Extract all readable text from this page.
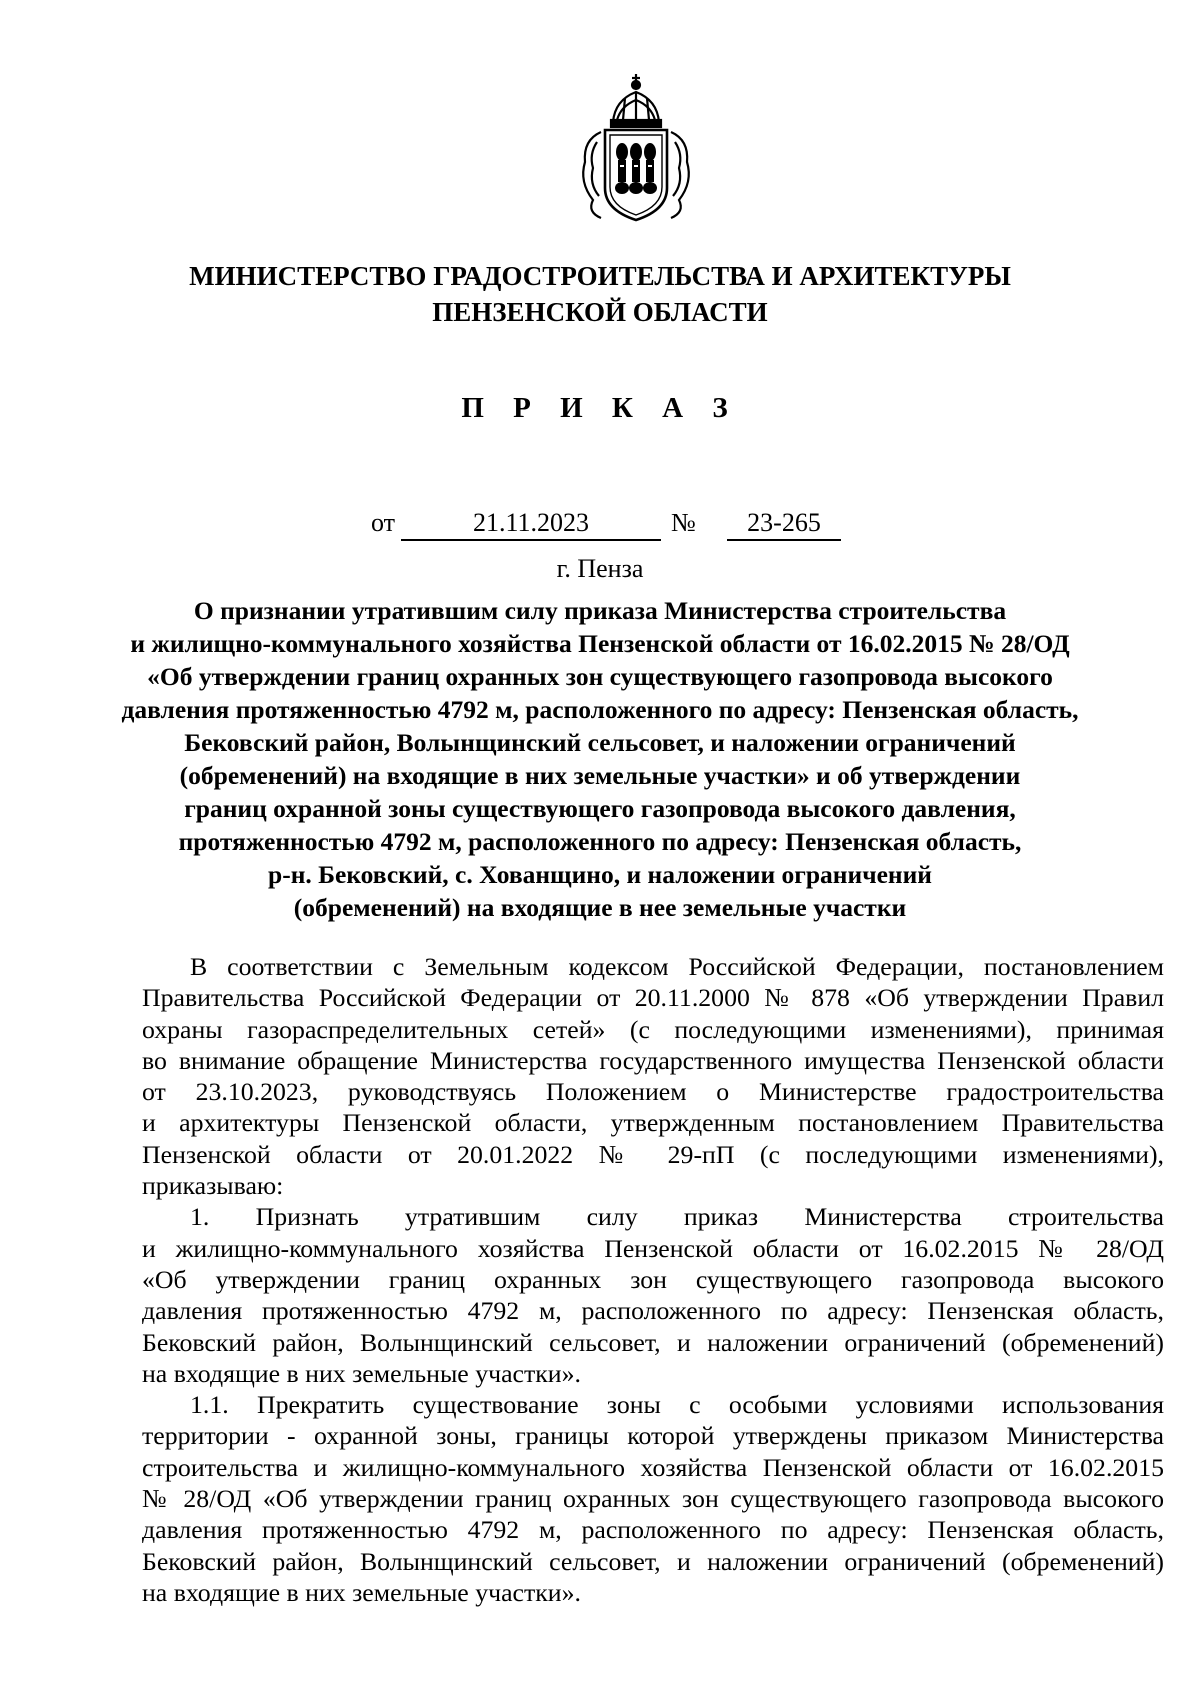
МИНИСТЕРСТВО ГРАДОСТРОИТЕЛЬСТВА И АРХИТЕКТУРЫ

ПЕНЗЕНСКОЙ ОБЛАСТИ

П Р И К А З

от	21.11.2023	№	23-265

г. Пенза

О признании утратившим силу приказа Министерства строительства
и жилищно-коммунального хозяйства Пензенской области от 16.02.2015 № 28/ОД
«Об утверждении границ охранных зон существующего газопровода высокого
давления протяженностью 4792 м, расположенного по адресу: Пензенская область,
Бековский район, Волынщинский сельсовет, и наложении ограничений
(обременений) на входящие в них земельные участки» и об утверждении
границ охранной зоны существующего газопровода высокого давления,
протяженностью 4792 м, расположенного по адресу: Пензенская область,
р-н. Бековский, с. Хованщино, и наложении ограничений
(обременений) на входящие в нее земельные участки

В соответствии с Земельным кодексом Российской Федерации, постановлением
Правительства Российской Федерации от 20.11.2000 № 878 «Об утверждении Правил
охраны газораспределительных сетей» (с последующими изменениями), принимая
во внимание обращение Министерства государственного имущества Пензенской области
от 23.10.2023, руководствуясь Положением о Министерстве градостроительства
и архитектуры Пензенской области, утвержденным постановлением Правительства
Пензенской области от 20.01.2022 № 29-пП (с последующими изменениями),
приказываю:

1. Признать утратившим силу приказ Министерства строительства
и жилищно-коммунального хозяйства Пензенской области от 16.02.2015 № 28/ОД
«Об утверждении границ охранных зон существующего газопровода высокого
давления протяженностью 4792 м, расположенного по адресу: Пензенская область,
Бековский район, Волынщинский сельсовет, и наложении ограничений (обременений)
на входящие в них земельные участки».

1.1. Прекратить существование зоны с особыми условиями использования
территории - охранной зоны, границы которой утверждены приказом Министерства
строительства и жилищно-коммунального хозяйства Пензенской области от 16.02.2015
№ 28/ОД «Об утверждении границ охранных зон существующего газопровода высокого
давления протяженностью 4792 м, расположенного по адресу: Пензенская область,
Бековский район, Волынщинский сельсовет, и наложении ограничений (обременений)
на входящие в них земельные участки».
